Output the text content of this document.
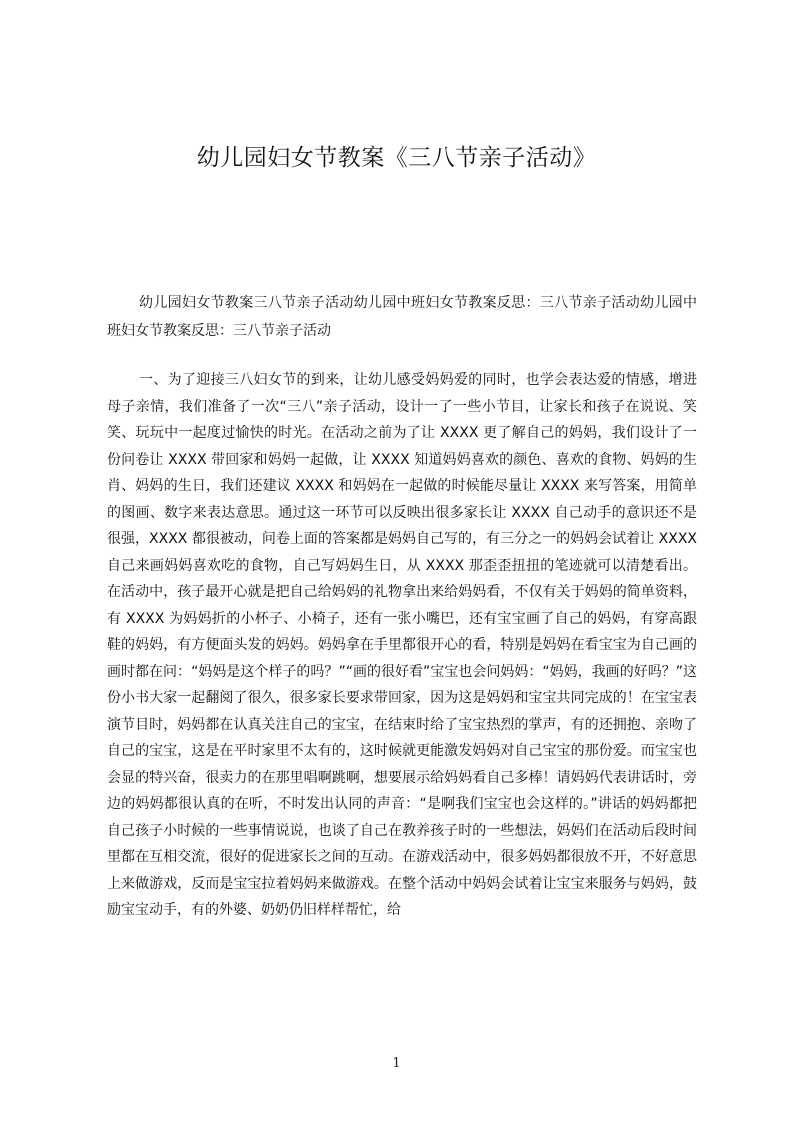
幼儿园妇女节教案《三八节亲子活动》

幼儿园妇女节教案三八节亲子活动幼儿园中班妇女节教案反思：三八节亲子活动幼儿园中班妇女节教案反思：三八节亲子活动

一、为了迎接三八妇女节的到来，让幼儿感受妈妈爱的同时，也学会表达爱的情感，增进母子亲情，我们准备了一次“三八”亲子活动，设计一了一些小节目，让家长和孩子在说说、笑笑、玩玩中一起度过愉快的时光。在活动之前为了让 XXXX 更了解自己的妈妈，我们设计了一份问卷让 XXXX 带回家和妈妈一起做，让 XXXX 知道妈妈喜欢的颜色、喜欢的食物、妈妈的生肖、妈妈的生日，我们还建议 XXXX 和妈妈在一起做的时候能尽量让 XXXX 来写答案，用简单的图画、数字来表达意思。通过这一环节可以反映出很多家长让 XXXX 自己动手的意识还不是很强，XXXX 都很被动，问卷上面的答案都是妈妈自己写的，有三分之一的妈妈会试着让 XXXX 自己来画妈妈喜欢吃的食物，自己写妈妈生日，从 XXXX 那歪歪扭扭的笔迹就可以清楚看出。在活动中，孩子最开心就是把自己给妈妈的礼物拿出来给妈妈看，不仅有关于妈妈的简单资料，有 XXXX 为妈妈折的小杯子、小椅子，还有一张小嘴巴，还有宝宝画了自己的妈妈，有穿高跟鞋的妈妈，有方便面头发的妈妈。妈妈拿在手里都很开心的看，特别是妈妈在看宝宝为自己画的画时都在问：“妈妈是这个样子的吗？”“画的很好看”宝宝也会问妈妈：“妈妈，我画的好吗？”这份小书大家一起翻阅了很久，很多家长要求带回家，因为这是妈妈和宝宝共同完成的！在宝宝表演节目时，妈妈都在认真关注自己的宝宝，在结束时给了宝宝热烈的掌声，有的还拥抱、亲吻了自己的宝宝，这是在平时家里不太有的，这时候就更能激发妈妈对自己宝宝的那份爱。而宝宝也会显的特兴奋，很卖力的在那里唱啊跳啊，想要展示给妈妈看自己多棒！请妈妈代表讲话时，旁边的妈妈都很认真的在听，不时发出认同的声音：“是啊我们宝宝也会这样的。”讲话的妈妈都把自己孩子小时候的一些事情说说，也谈了自己在教养孩子时的一些想法，妈妈们在活动后段时间里都在互相交流，很好的促进家长之间的互动。在游戏活动中，很多妈妈都很放不开，不好意思上来做游戏，反而是宝宝拉着妈妈来做游戏。在整个活动中妈妈会试着让宝宝来服务与妈妈，鼓励宝宝动手，有的外婆、奶奶仍旧样样帮忙，给

1
